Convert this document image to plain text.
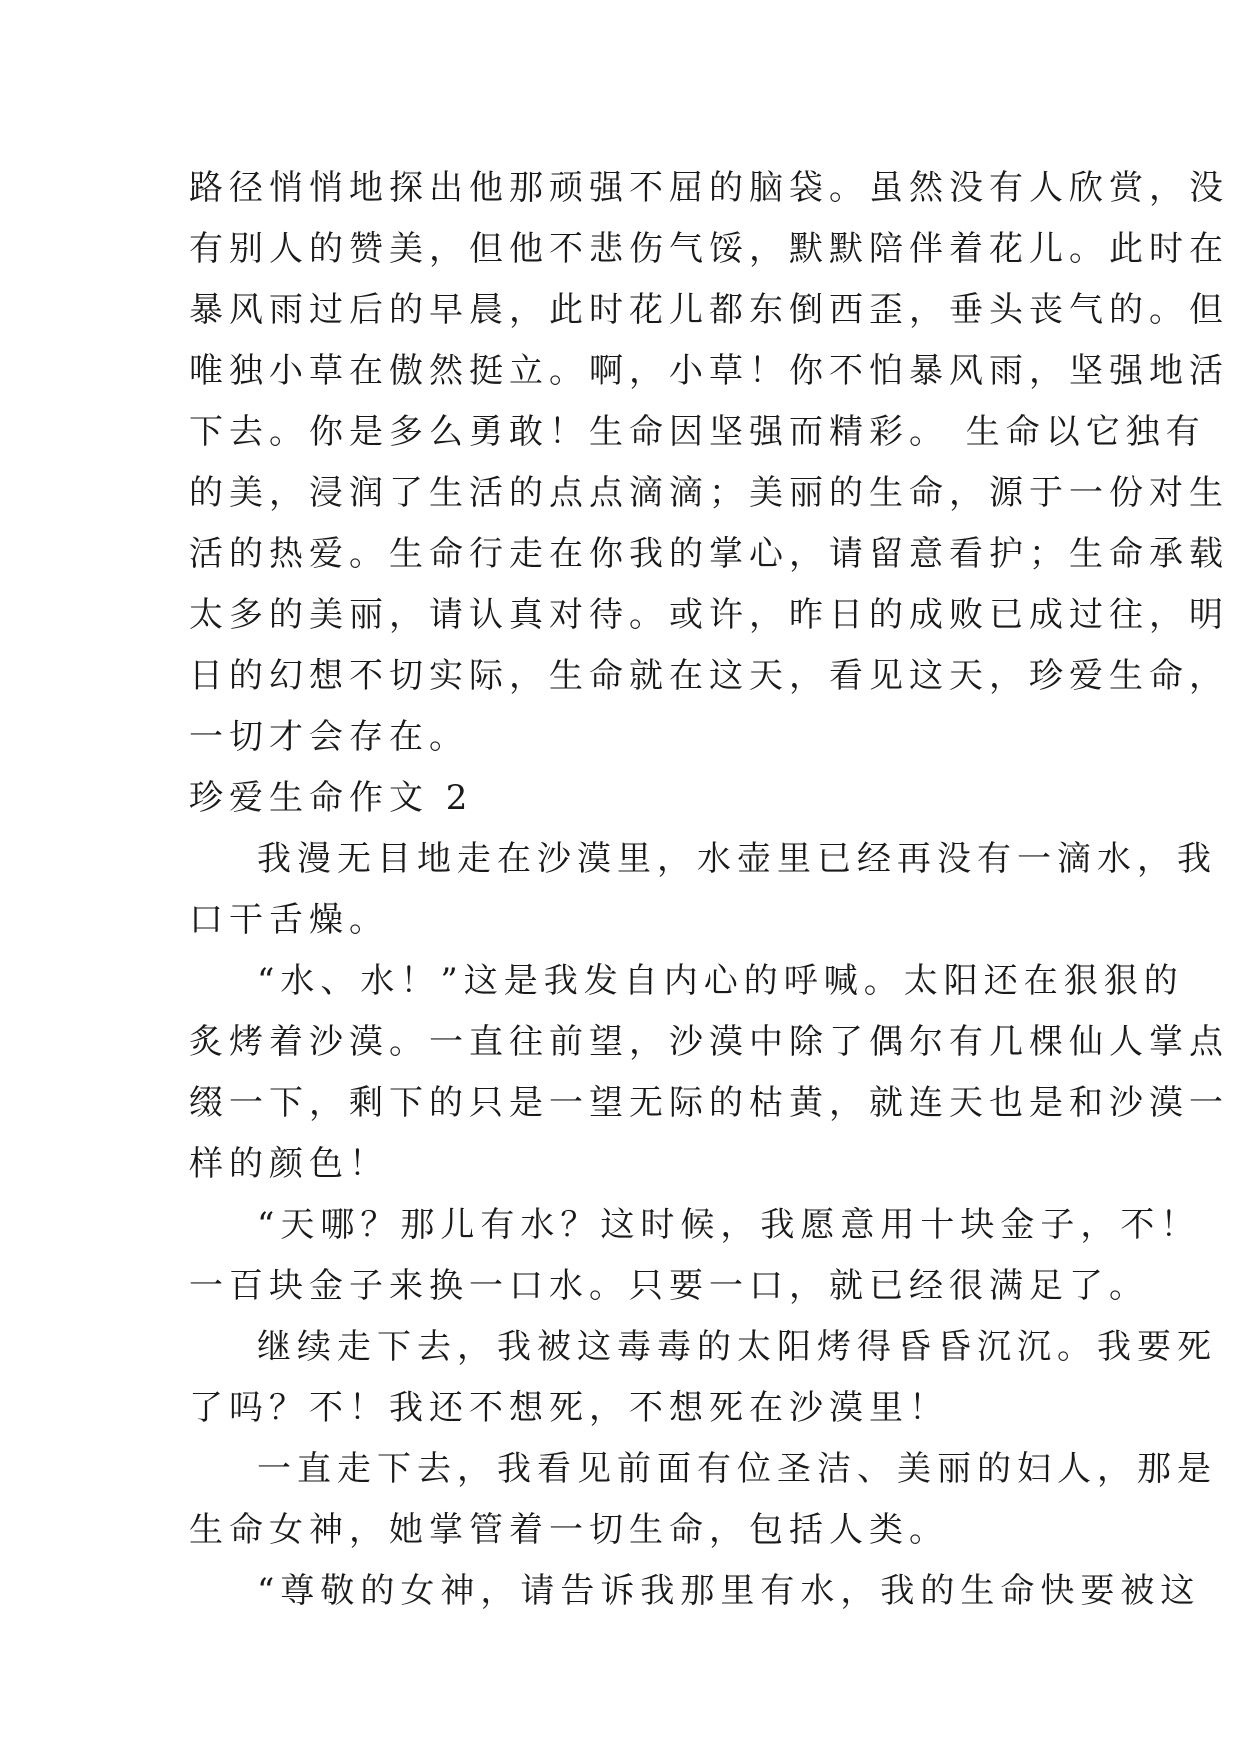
路径悄悄地探出他那顽强不屈的脑袋。虽然没有人欣赏，没
有别人的赞美，但他不悲伤气馁，默默陪伴着花儿。此时在
暴风雨过后的早晨，此时花儿都东倒西歪，垂头丧气的。但
唯独小草在傲然挺立。啊，小草！你不怕暴风雨，坚强地活
下去。你是多么勇敢！生命因坚强而精彩。 生命以它独有
的美，浸润了生活的点点滴滴；美丽的生命，源于一份对生
活的热爱。生命行走在你我的掌心，请留意看护；生命承载
太多的美丽，请认真对待。或许，昨日的成败已成过往，明
日的幻想不切实际，生命就在这天，看见这天，珍爱生命，
一切才会存在。
珍爱生命作文 2
我漫无目地走在沙漠里，水壶里已经再没有一滴水，我
口干舌燥。
“水、水！”这是我发自内心的呼喊。太阳还在狠狠的
炙烤着沙漠。一直往前望，沙漠中除了偶尔有几棵仙人掌点
缀一下，剩下的只是一望无际的枯黄，就连天也是和沙漠一
样的颜色！
“天哪？那儿有水？这时候，我愿意用十块金子，不！
一百块金子来换一口水。只要一口，就已经很满足了。
继续走下去，我被这毒毒的太阳烤得昏昏沉沉。我要死
了吗？不！我还不想死，不想死在沙漠里！
一直走下去，我看见前面有位圣洁、美丽的妇人，那是
生命女神，她掌管着一切生命，包括人类。
“尊敬的女神，请告诉我那里有水，我的生命快要被这
